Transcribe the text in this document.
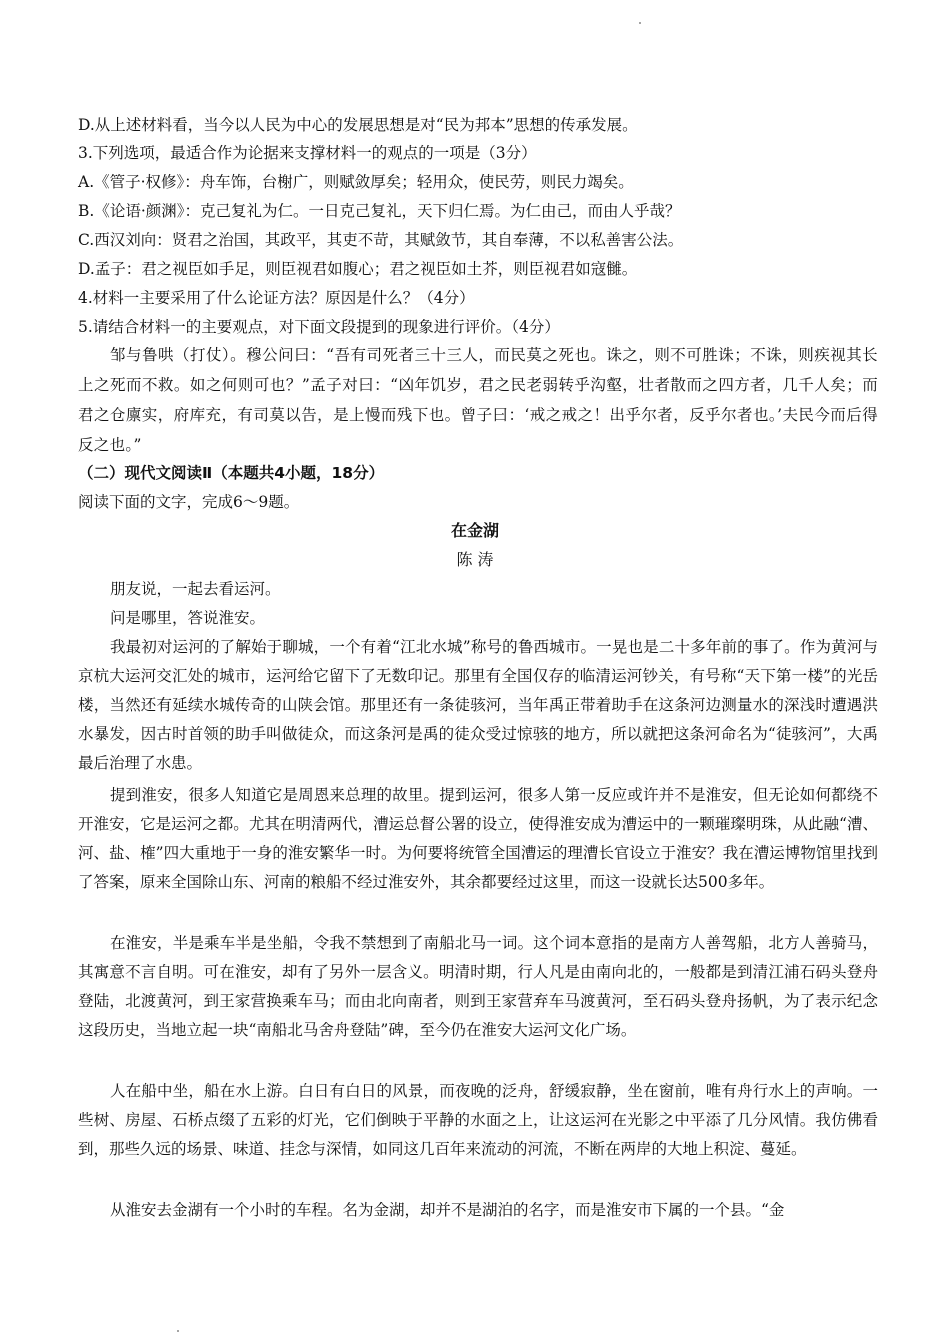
D.从上述材料看，当今以人民为中心的发展思想是对“民为邦本”思想的传承发展。
3.下列选项，最适合作为论据来支撑材料一的观点的一项是（3分）
A.《管子·权修》：舟车饰，台榭广，则赋敛厚矣；轻用众，使民劳，则民力竭矣。
B.《论语·颜渊》：克己复礼为仁。一日克己复礼，天下归仁焉。为仁由己，而由人乎哉？
C.西汉刘向：贤君之治国，其政平，其吏不苛，其赋敛节，其自奉薄，不以私善害公法。
D.孟子：君之视臣如手足，则臣视君如腹心；君之视臣如土芥，则臣视君如寇雠。
4.材料一主要采用了什么论证方法？原因是什么？（4分）
5.请结合材料一的主要观点，对下面文段提到的现象进行评价。（4分）
邹与鲁哄（打仗）。穆公问曰：“吾有司死者三十三人，而民莫之死也。诛之，则不可胜诛；不诛，则疾视其长上之死而不救。如之何则可也？”孟子对曰：“凶年饥岁，君之民老弱转乎沟壑，壮者散而之四方者，几千人矣；而君之仓廪实，府库充，有司莫以告，是上慢而残下也。曾子曰：‘戒之戒之！出乎尔者，反乎尔者也。’夫民今而后得反之也。”
（二）现代文阅读Ⅱ（本题共4小题，18分）
阅读下面的文字，完成6～9题。
在金湖
陈 涛
朋友说，一起去看运河。
问是哪里，答说淮安。
我最初对运河的了解始于聊城，一个有着“江北水城”称号的鲁西城市。一晃也是二十多年前的事了。作为黄河与京杭大运河交汇处的城市，运河给它留下了无数印记。那里有全国仅存的临清运河钞关，有号称“天下第一楼”的光岳楼，当然还有延续水城传奇的山陕会馆。那里还有一条徒骇河，当年禹正带着助手在这条河边测量水的深浅时遭遇洪水暴发，因古时首领的助手叫做徒众，而这条河是禹的徒众受过惊骇的地方，所以就把这条河命名为“徒骇河”，大禹最后治理了水患。
提到淮安，很多人知道它是周恩来总理的故里。提到运河，很多人第一反应或许并不是淮安，但无论如何都绕不开淮安，它是运河之都。尤其在明清两代，漕运总督公署的设立，使得淮安成为漕运中的一颗璀璨明珠，从此融“漕、河、盐、榷”四大重地于一身的淮安繁华一时。为何要将统管全国漕运的理漕长官设立于淮安？我在漕运博物馆里找到了答案，原来全国除山东、河南的粮船不经过淮安外，其余都要经过这里，而这一设就长达500多年。
在淮安，半是乘车半是坐船，令我不禁想到了南船北马一词。这个词本意指的是南方人善驾船，北方人善骑马，其寓意不言自明。可在淮安，却有了另外一层含义。明清时期，行人凡是由南向北的，一般都是到清江浦石码头登舟登陆，北渡黄河，到王家营换乘车马；而由北向南者，则到王家营弃车马渡黄河，至石码头登舟扬帆，为了表示纪念这段历史，当地立起一块“南船北马舍舟登陆”碑，至今仍在淮安大运河文化广场。
人在船中坐，船在水上游。白日有白日的风景，而夜晚的泛舟，舒缓寂静，坐在窗前，唯有舟行水上的声响。一些树、房屋、石桥点缀了五彩的灯光，它们倒映于平静的水面之上，让这运河在光影之中平添了几分风情。我仿佛看到，那些久远的场景、味道、挂念与深情，如同这几百年来流动的河流，不断在两岸的大地上积淀、蔓延。
从淮安去金湖有一个小时的车程。名为金湖，却并不是湖泊的名字，而是淮安市下属的一个县。“金
